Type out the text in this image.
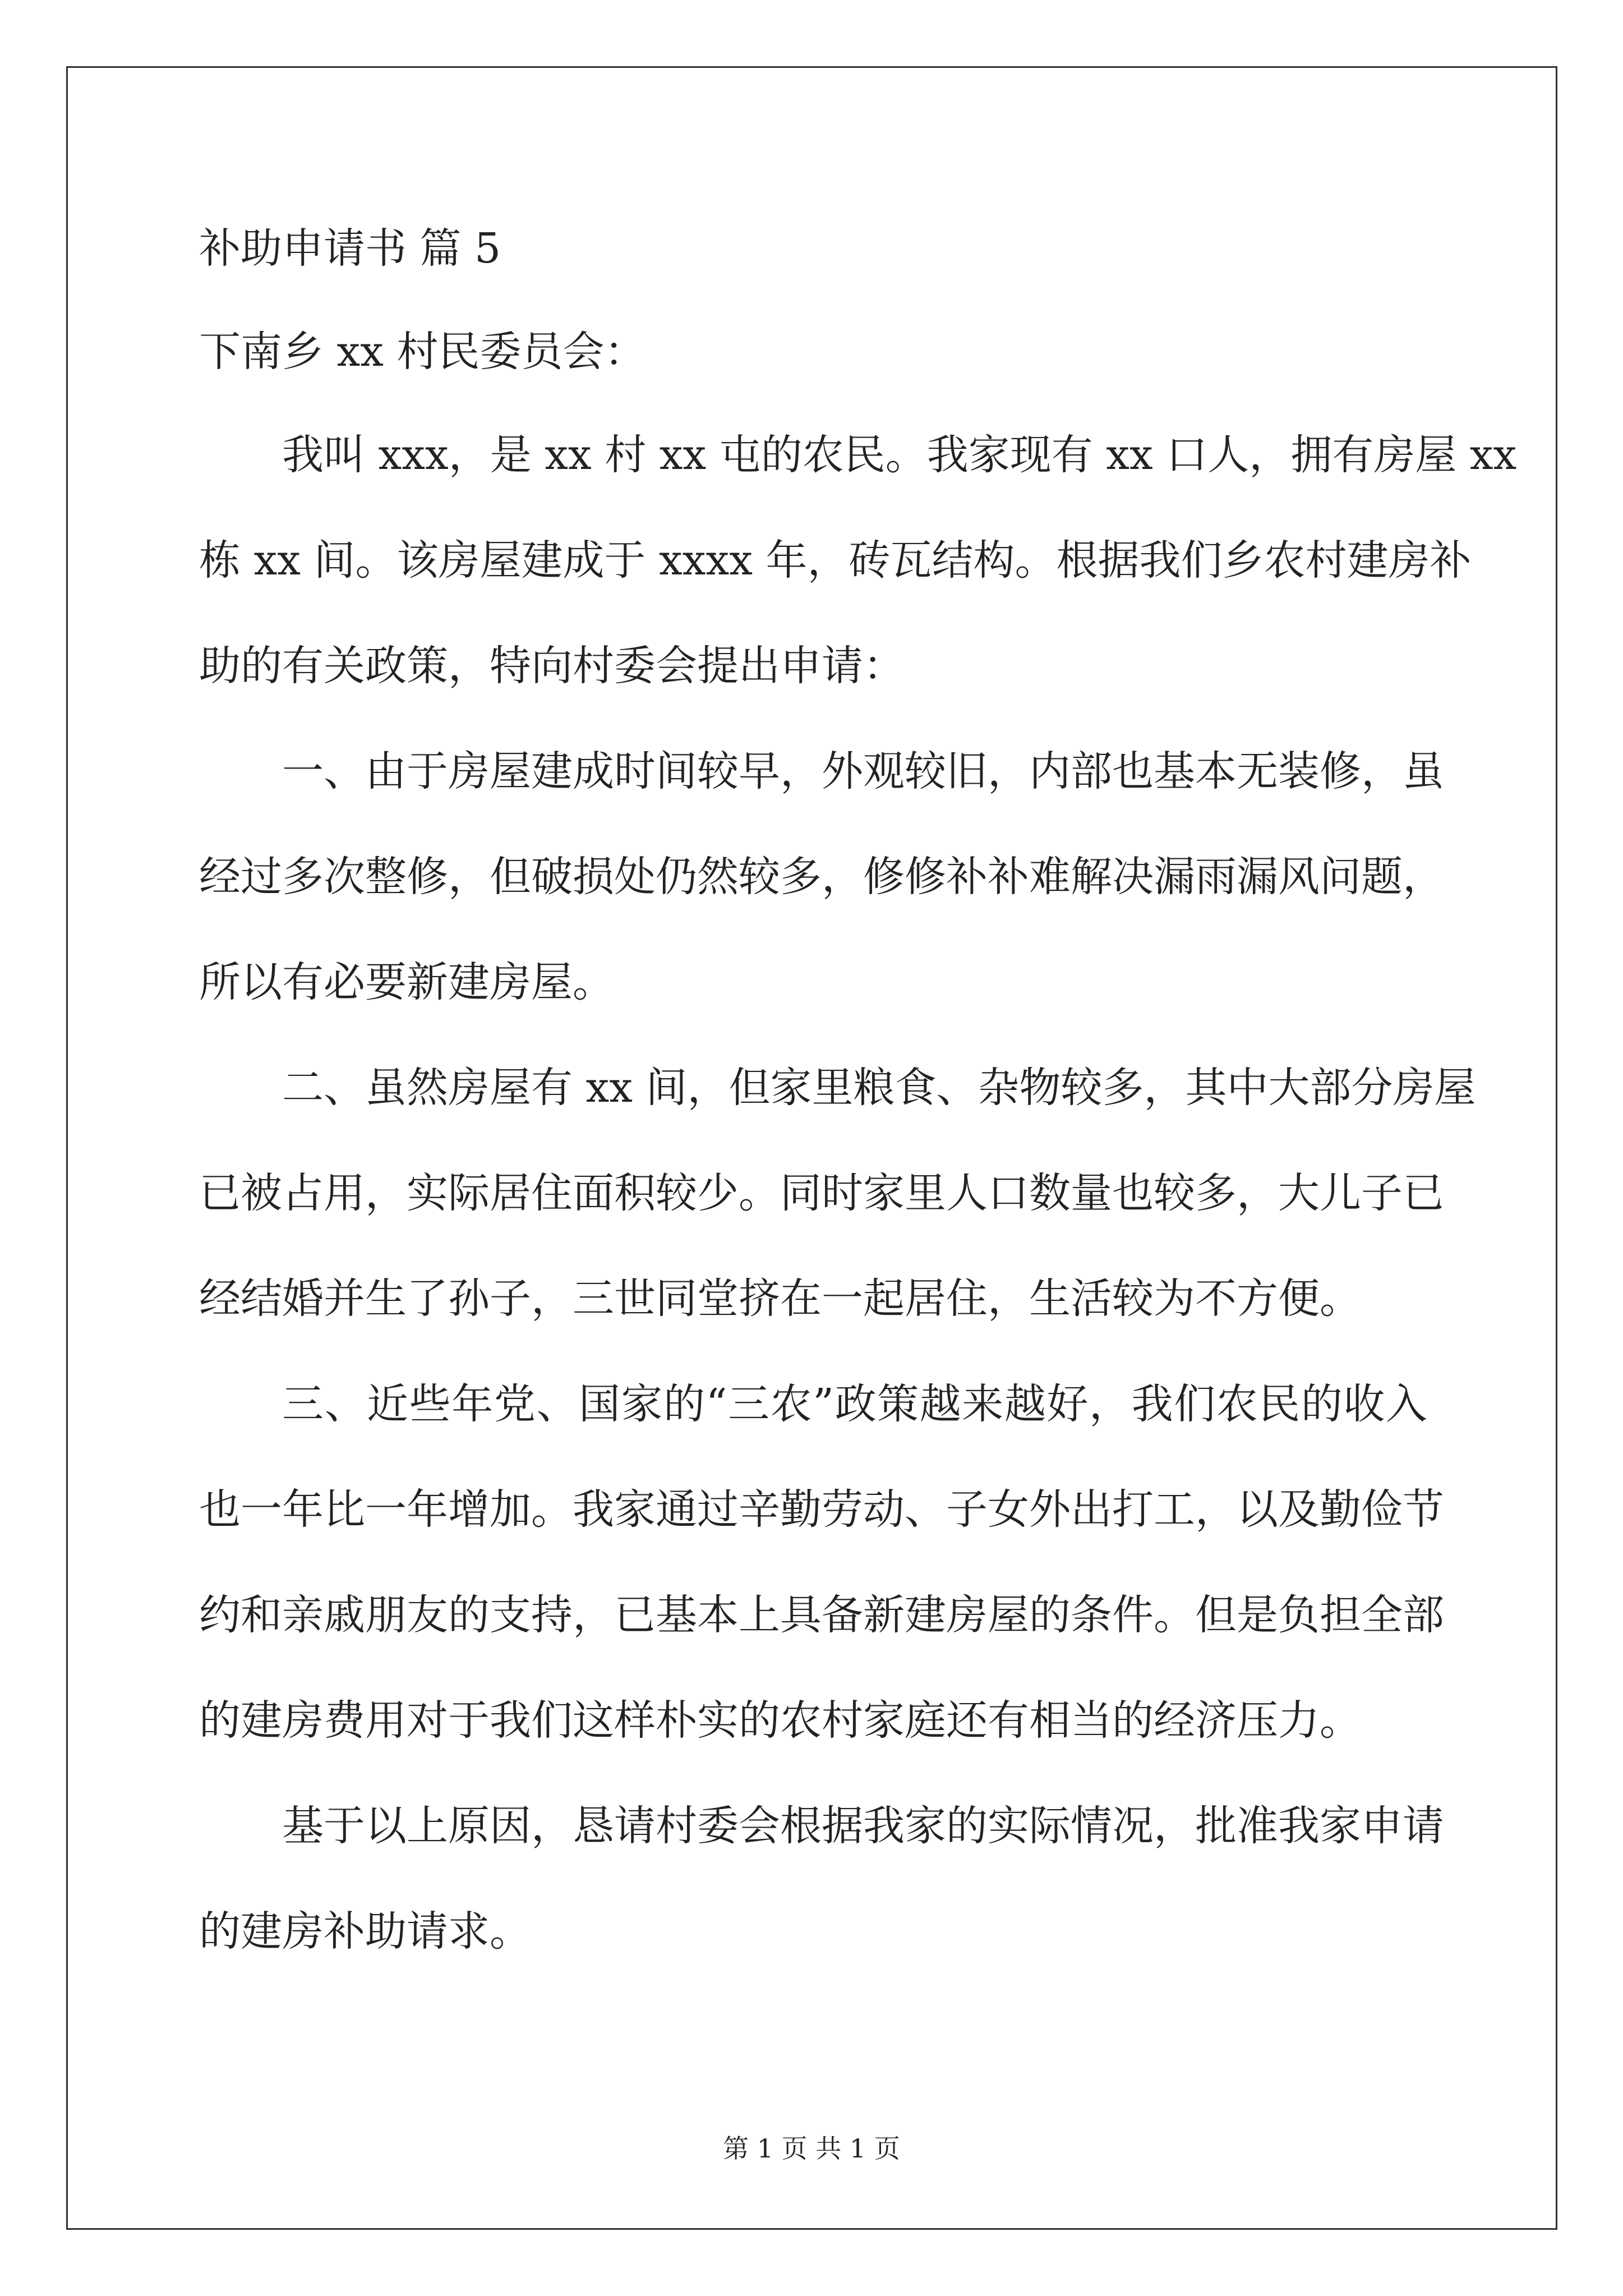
补助申请书 篇 5
下南乡 xx 村民委员会：
我叫 xxx，是 xx 村 xx 屯的农民。我家现有 xx 口人，拥有房屋 xx
栋 xx 间。该房屋建成于 xxxx 年，砖瓦结构。根据我们乡农村建房补
助的有关政策，特向村委会提出申请：
一、由于房屋建成时间较早，外观较旧，内部也基本无装修，虽
经过多次整修，但破损处仍然较多，修修补补难解决漏雨漏风问题，
所以有必要新建房屋。
二、虽然房屋有 xx 间，但家里粮食、杂物较多，其中大部分房屋
已被占用，实际居住面积较少。同时家里人口数量也较多，大儿子已
经结婚并生了孙子，三世同堂挤在一起居住，生活较为不方便。
三、近些年党、国家的“三农”政策越来越好，我们农民的收入
也一年比一年增加。我家通过辛勤劳动、子女外出打工，以及勤俭节
约和亲戚朋友的支持，已基本上具备新建房屋的条件。但是负担全部
的建房费用对于我们这样朴实的农村家庭还有相当的经济压力。
基于以上原因，恳请村委会根据我家的实际情况，批准我家申请
的建房补助请求。
第 1 页 共 1 页
